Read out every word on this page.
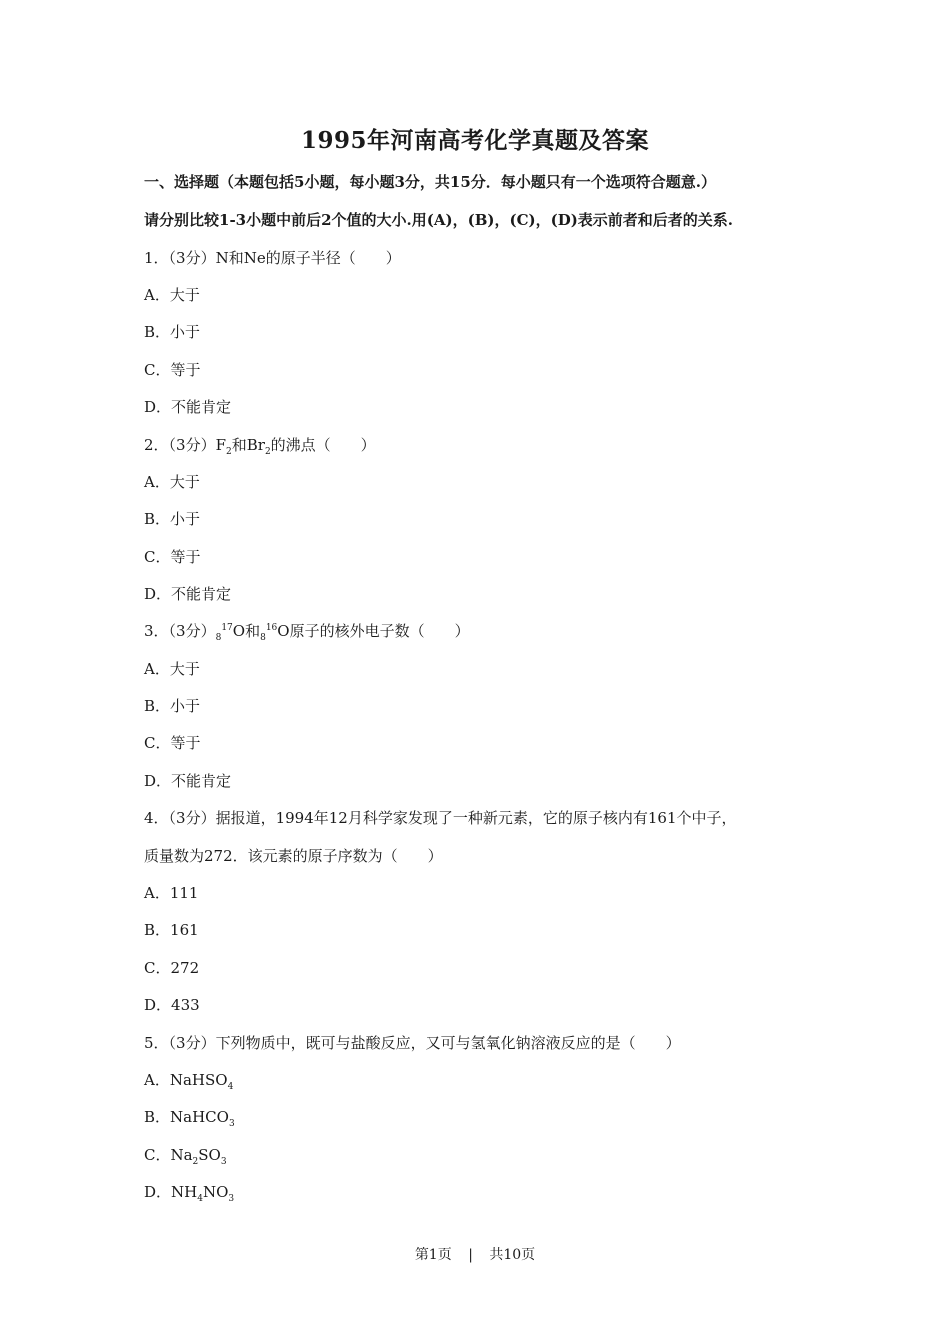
1995年河南高考化学真题及答案
一、选择题（本题包括5小题，每小题3分，共15分．每小题只有一个选项符合题意.）
请分别比较1-3小题中前后2个值的大小.用(A)，(B)，(C)，(D)表示前者和后者的关系.
1．（3分）N和Ne的原子半径（　　）
A．大于
B．小于
C．等于
D．不能肯定
2．（3分）$F_2$和$Br_2$的沸点（　　）
A．大于
B．小于
C．等于
D．不能肯定
3．（3分）$_8^{17}O$和$_8^{16}$O原子的核外电子数（　　）
A．大于
B．小于
C．等于
D．不能肯定
4．（3分）据报道，1994年12月科学家发现了一种新元素，它的原子核内有161个中子，
质量数为272．该元素的原子序数为（　　）
A．111
B．161
C．272
D．433
5．（3分）下列物质中，既可与盐酸反应，又可与氢氧化钠溶液反应的是（　　）
A．NaHSO$_4$
B．NaHCO$_3$
C．$Na_2SO_3$
D．$NH_4NO_3$
第1页 | 共10页
